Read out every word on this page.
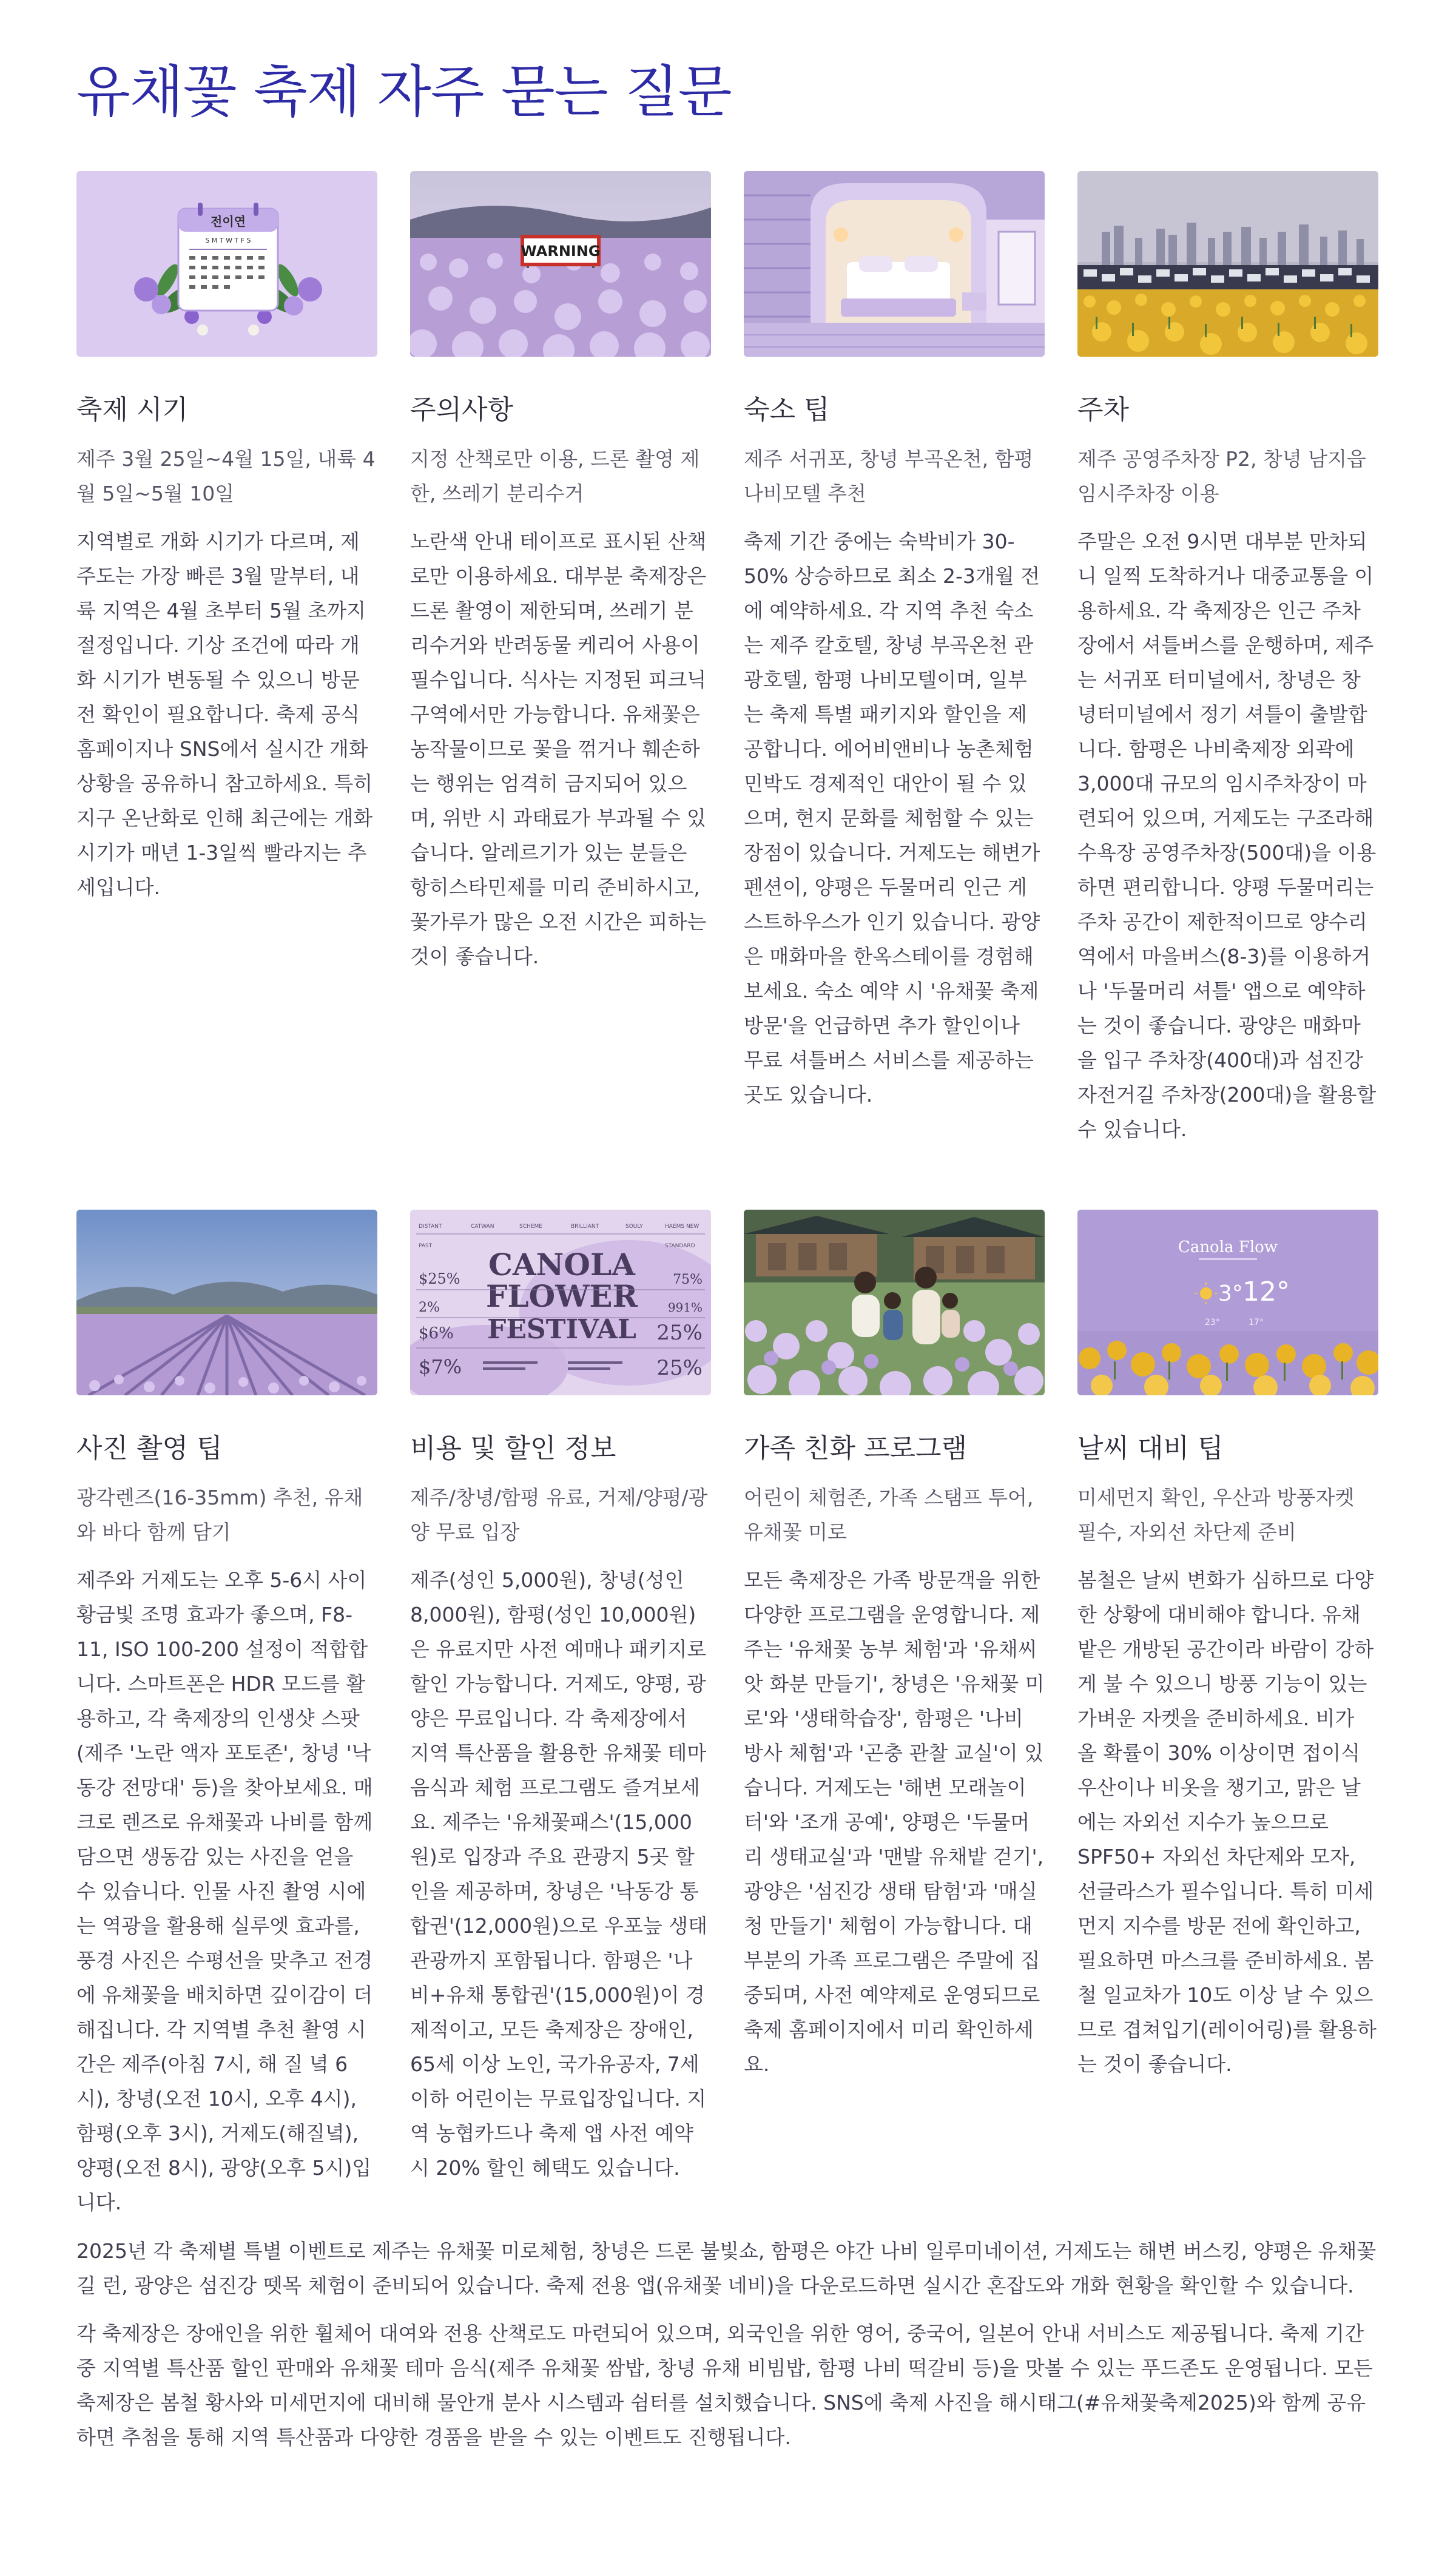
유채꽃 축제 자주 묻는 질문
전이연
S M T W T F S
축제 시기

제주 3월 25일~4월 15일, 내륙 4월 5일~5월 10일

지역별로 개화 시기가 다르며, 제주도는 가장 빠른 3월 말부터, 내륙 지역은 4월 초부터 5월 초까지 절정입니다. 기상 조건에 따라 개화 시기가 변동될 수 있으니 방문 전 확인이 필요합니다. 축제 공식 홈페이지나 SNS에서 실시간 개화 상황을 공유하니 참고하세요. 특히 지구 온난화로 인해 최근에는 개화 시기가 매년 1-3일씩 빨라지는 추세입니다.

WARNING
주의사항

지정 산책로만 이용, 드론 촬영 제한, 쓰레기 분리수거

노란색 안내 테이프로 표시된 산책로만 이용하세요. 대부분 축제장은 드론 촬영이 제한되며, 쓰레기 분리수거와 반려동물 케리어 사용이 필수입니다. 식사는 지정된 피크닉 구역에서만 가능합니다. 유채꽃은 농작물이므로 꽃을 꺾거나 훼손하는 행위는 엄격히 금지되어 있으며, 위반 시 과태료가 부과될 수 있습니다. 알레르기가 있는 분들은 항히스타민제를 미리 준비하시고, 꽃가루가 많은 오전 시간은 피하는 것이 좋습니다.

숙소 팁

제주 서귀포, 창녕 부곡온천, 함평 나비모텔 추천

축제 기간 중에는 숙박비가 30-50% 상승하므로 최소 2-3개월 전에 예약하세요. 각 지역 추천 숙소는 제주 칼호텔, 창녕 부곡온천 관광호텔, 함평 나비모텔이며, 일부는 축제 특별 패키지와 할인을 제공합니다. 에어비앤비나 농촌체험 민박도 경제적인 대안이 될 수 있으며, 현지 문화를 체험할 수 있는 장점이 있습니다. 거제도는 해변가 펜션이, 양평은 두물머리 인근 게스트하우스가 인기 있습니다. 광양은 매화마을 한옥스테이를 경험해보세요. 숙소 예약 시 '유채꽃 축제 방문'을 언급하면 추가 할인이나 무료 셔틀버스 서비스를 제공하는 곳도 있습니다.

주차

제주 공영주차장 P2, 창녕 남지읍 임시주차장 이용

주말은 오전 9시면 대부분 만차되니 일찍 도착하거나 대중교통을 이용하세요. 각 축제장은 인근 주차장에서 셔틀버스를 운행하며, 제주는 서귀포 터미널에서, 창녕은 창녕터미널에서 정기 셔틀이 출발합니다. 함평은 나비축제장 외곽에 3,000대 규모의 임시주차장이 마련되어 있으며, 거제도는 구조라해수욕장 공영주차장(500대)을 이용하면 편리합니다. 양평 두물머리는 주차 공간이 제한적이므로 양수리역에서 마을버스(8-3)를 이용하거나 '두물머리 셔틀' 앱으로 예약하는 것이 좋습니다. 광양은 매화마을 입구 주차장(400대)과 섬진강 자전거길 주차장(200대)을 활용할 수 있습니다.

사진 촬영 팁

광각렌즈(16-35mm) 추천, 유채와 바다 함께 담기

제주와 거제도는 오후 5-6시 사이 황금빛 조명 효과가 좋으며, F8-11, ISO 100-200 설정이 적합합니다. 스마트폰은 HDR 모드를 활용하고, 각 축제장의 인생샷 스팟(제주 '노란 액자 포토존', 창녕 '낙동강 전망대' 등)을 찾아보세요. 매크로 렌즈로 유채꽃과 나비를 함께 담으면 생동감 있는 사진을 얻을 수 있습니다. 인물 사진 촬영 시에는 역광을 활용해 실루엣 효과를, 풍경 사진은 수평선을 맞추고 전경에 유채꽃을 배치하면 깊이감이 더해집니다. 각 지역별 추천 촬영 시간은 제주(아침 7시, 해 질 녘 6시), 창녕(오전 10시, 오후 4시), 함평(오후 3시), 거제도(해질녘), 양평(오전 8시), 광양(오후 5시)입니다.

DISTANT	CATWAN	SCHEME	BRILLIANT	SOULY	HAEMS NEW
PAST	STANDARD
CANOLA
FLOWER
FESTIVAL
$25%
2%
$6%
$7%
75%
991%
25%
25%
비용 및 할인 정보

제주/창녕/함평 유료, 거제/양평/광양 무료 입장

제주(성인 5,000원), 창녕(성인 8,000원), 함평(성인 10,000원)은 유료지만 사전 예매나 패키지로 할인 가능합니다. 거제도, 양평, 광양은 무료입니다. 각 축제장에서 지역 특산품을 활용한 유채꽃 테마 음식과 체험 프로그램도 즐겨보세요. 제주는 '유채꽃패스'(15,000원)로 입장과 주요 관광지 5곳 할인을 제공하며, 창녕은 '낙동강 통합권'(12,000원)으로 우포늪 생태관광까지 포함됩니다. 함평은 '나비+유채 통합권'(15,000원)이 경제적이고, 모든 축제장은 장애인, 65세 이상 노인, 국가유공자, 7세 이하 어린이는 무료입장입니다. 지역 농협카드나 축제 앱 사전 예약 시 20% 할인 혜택도 있습니다.

가족 친화 프로그램

어린이 체험존, 가족 스탬프 투어, 유채꽃 미로

모든 축제장은 가족 방문객을 위한 다양한 프로그램을 운영합니다. 제주는 '유채꽃 농부 체험'과 '유채씨앗 화분 만들기', 창녕은 '유채꽃 미로'와 '생태학습장', 함평은 '나비 방사 체험'과 '곤충 관찰 교실'이 있습니다. 거제도는 '해변 모래놀이터'와 '조개 공예', 양평은 '두물머리 생태교실'과 '맨발 유채밭 걷기', 광양은 '섬진강 생태 탐험'과 '매실청 만들기' 체험이 가능합니다. 대부분의 가족 프로그램은 주말에 집중되며, 사전 예약제로 운영되므로 축제 홈페이지에서 미리 확인하세요.

Canola Flow
3° 12°
23°	17°
날씨 대비 팁

미세먼지 확인, 우산과 방풍자켓 필수, 자외선 차단제 준비

봄철은 날씨 변화가 심하므로 다양한 상황에 대비해야 합니다. 유채밭은 개방된 공간이라 바람이 강하게 불 수 있으니 방풍 기능이 있는 가벼운 자켓을 준비하세요. 비가 올 확률이 30% 이상이면 접이식 우산이나 비옷을 챙기고, 맑은 날에는 자외선 지수가 높으므로 SPF50+ 자외선 차단제와 모자, 선글라스가 필수입니다. 특히 미세먼지 지수를 방문 전에 확인하고, 필요하면 마스크를 준비하세요. 봄철 일교차가 10도 이상 날 수 있으므로 겹쳐입기(레이어링)를 활용하는 것이 좋습니다.

2025년 각 축제별 특별 이벤트로 제주는 유채꽃 미로체험, 창녕은 드론 불빛쇼, 함평은 야간 나비 일루미네이션, 거제도는 해변 버스킹, 양평은 유채꽃길 런, 광양은 섬진강 뗏목 체험이 준비되어 있습니다. 축제 전용 앱(유채꽃 네비)을 다운로드하면 실시간 혼잡도와 개화 현황을 확인할 수 있습니다.

각 축제장은 장애인을 위한 휠체어 대여와 전용 산책로도 마련되어 있으며, 외국인을 위한 영어, 중국어, 일본어 안내 서비스도 제공됩니다. 축제 기간 중 지역별 특산품 할인 판매와 유채꽃 테마 음식(제주 유채꽃 쌈밥, 창녕 유채 비빔밥, 함평 나비 떡갈비 등)을 맛볼 수 있는 푸드존도 운영됩니다. 모든 축제장은 봄철 황사와 미세먼지에 대비해 물안개 분사 시스템과 쉼터를 설치했습니다. SNS에 축제 사진을 해시태그(#유채꽃축제2025)와 함께 공유하면 추첨을 통해 지역 특산품과 다양한 경품을 받을 수 있는 이벤트도 진행됩니다.
